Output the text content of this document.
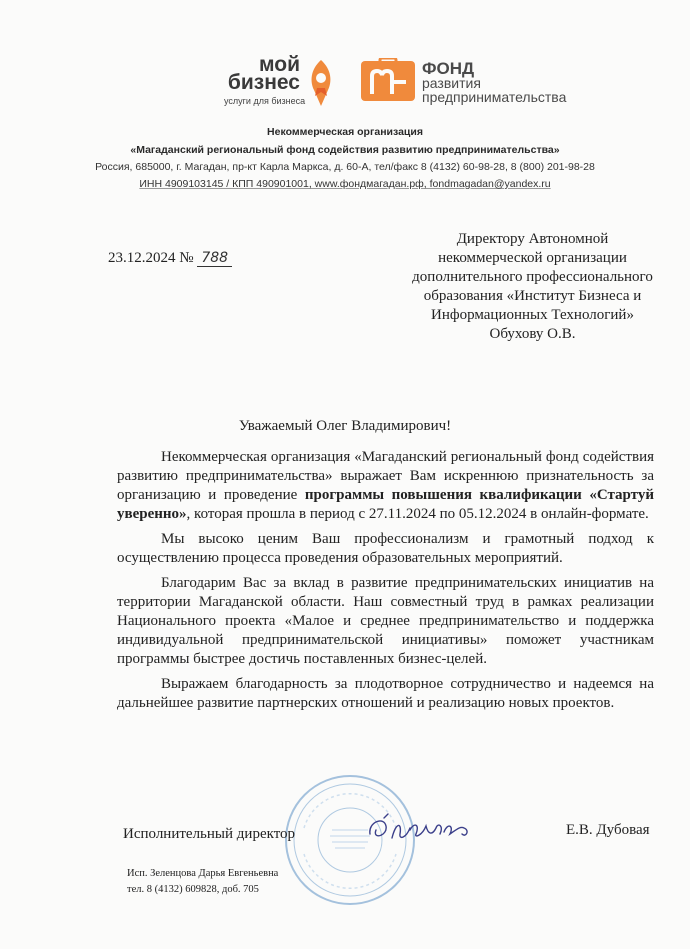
мой
бизнес
услуги для бизнеса
ФОНД
развития
предпринимательства
Некоммерческая организация
«Магаданский региональный фонд содействия развитию предпринимательства»
Россия, 685000, г. Магадан, пр-кт Карла Маркса, д. 60-А, тел/факс 8 (4132) 60-98-28, 8 (800) 201-98-28
ИНН 4909103145 / КПП 490901001, www.фондмагадан.рф, fondmagadan@yandex.ru
23.12.2024 № 788
Директору Автономной
некоммерческой организации
дополнительного профессионального
образования «Институт Бизнеса и
Информационных Технологий»
Обухову О.В.
Уважаемый Олег Владимирович!

Некоммерческая организация «Магаданский региональный фонд содействия развитию предпринимательства» выражает Вам искреннюю признательность за организацию и проведение программы повышения квалификации «Стартуй уверенно», которая прошла в период с 27.11.2024 по 05.12.2024 в онлайн-формате.

Мы высоко ценим Ваш профессионализм и грамотный подход к осуществлению процесса проведения образовательных мероприятий.

Благодарим Вас за вклад в развитие предпринимательских инициатив на территории Магаданской области. Наш совместный труд в рамках реализации Национального проекта «Малое и среднее предпринимательство и поддержка индивидуальной предпринимательской инициативы» поможет участникам программы быстрее достичь поставленных бизнес-целей.

Выражаем благодарность за плодотворное сотрудничество и надеемся на дальнейшее развитие партнерских отношений и реализацию новых проектов.

Исполнительный директор	Е.В. Дубовая
Исп. Зеленцова Дарья Евгеньевна
тел. 8 (4132) 609828, доб. 705
